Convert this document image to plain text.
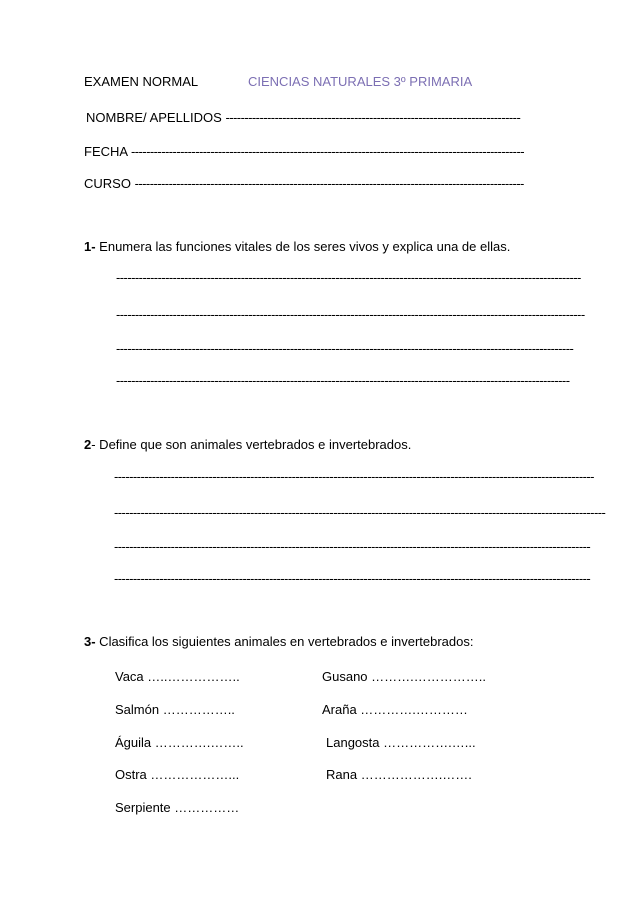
EXAMEN NORMAL	CIENCIAS NATURALES 3º PRIMARIA
NOMBRE/ APELLIDOS ------------------------------------------------------------------------------
FECHA --------------------------------------------------------------------------------------------------------
CURSO -------------------------------------------------------------------------------------------------------
1- Enumera las funciones vitales de los seres vivos y explica una de ellas.
---------------------------------------------------------------------------------------------------------------------------
----------------------------------------------------------------------------------------------------------------------------
-------------------------------------------------------------------------------------------------------------------------
------------------------------------------------------------------------------------------------------------------------
2- Define que son animales vertebrados e invertebrados.
-------------------------------------------------------------------------------------------------------------------------------
----------------------------------------------------------------------------------------------------------------------------------
------------------------------------------------------------------------------------------------------------------------------
------------------------------------------------------------------------------------------------------------------------------
3- Clasifica los siguientes animales en vertebrados e invertebrados:
Vaca …..……………..
Salmón ……………..
Águila ………….……..
Ostra ………………...
Serpiente ……………
Gusano ……….……………..
Araña ………….…………
Langosta …………….…...
Rana ……………….…….
